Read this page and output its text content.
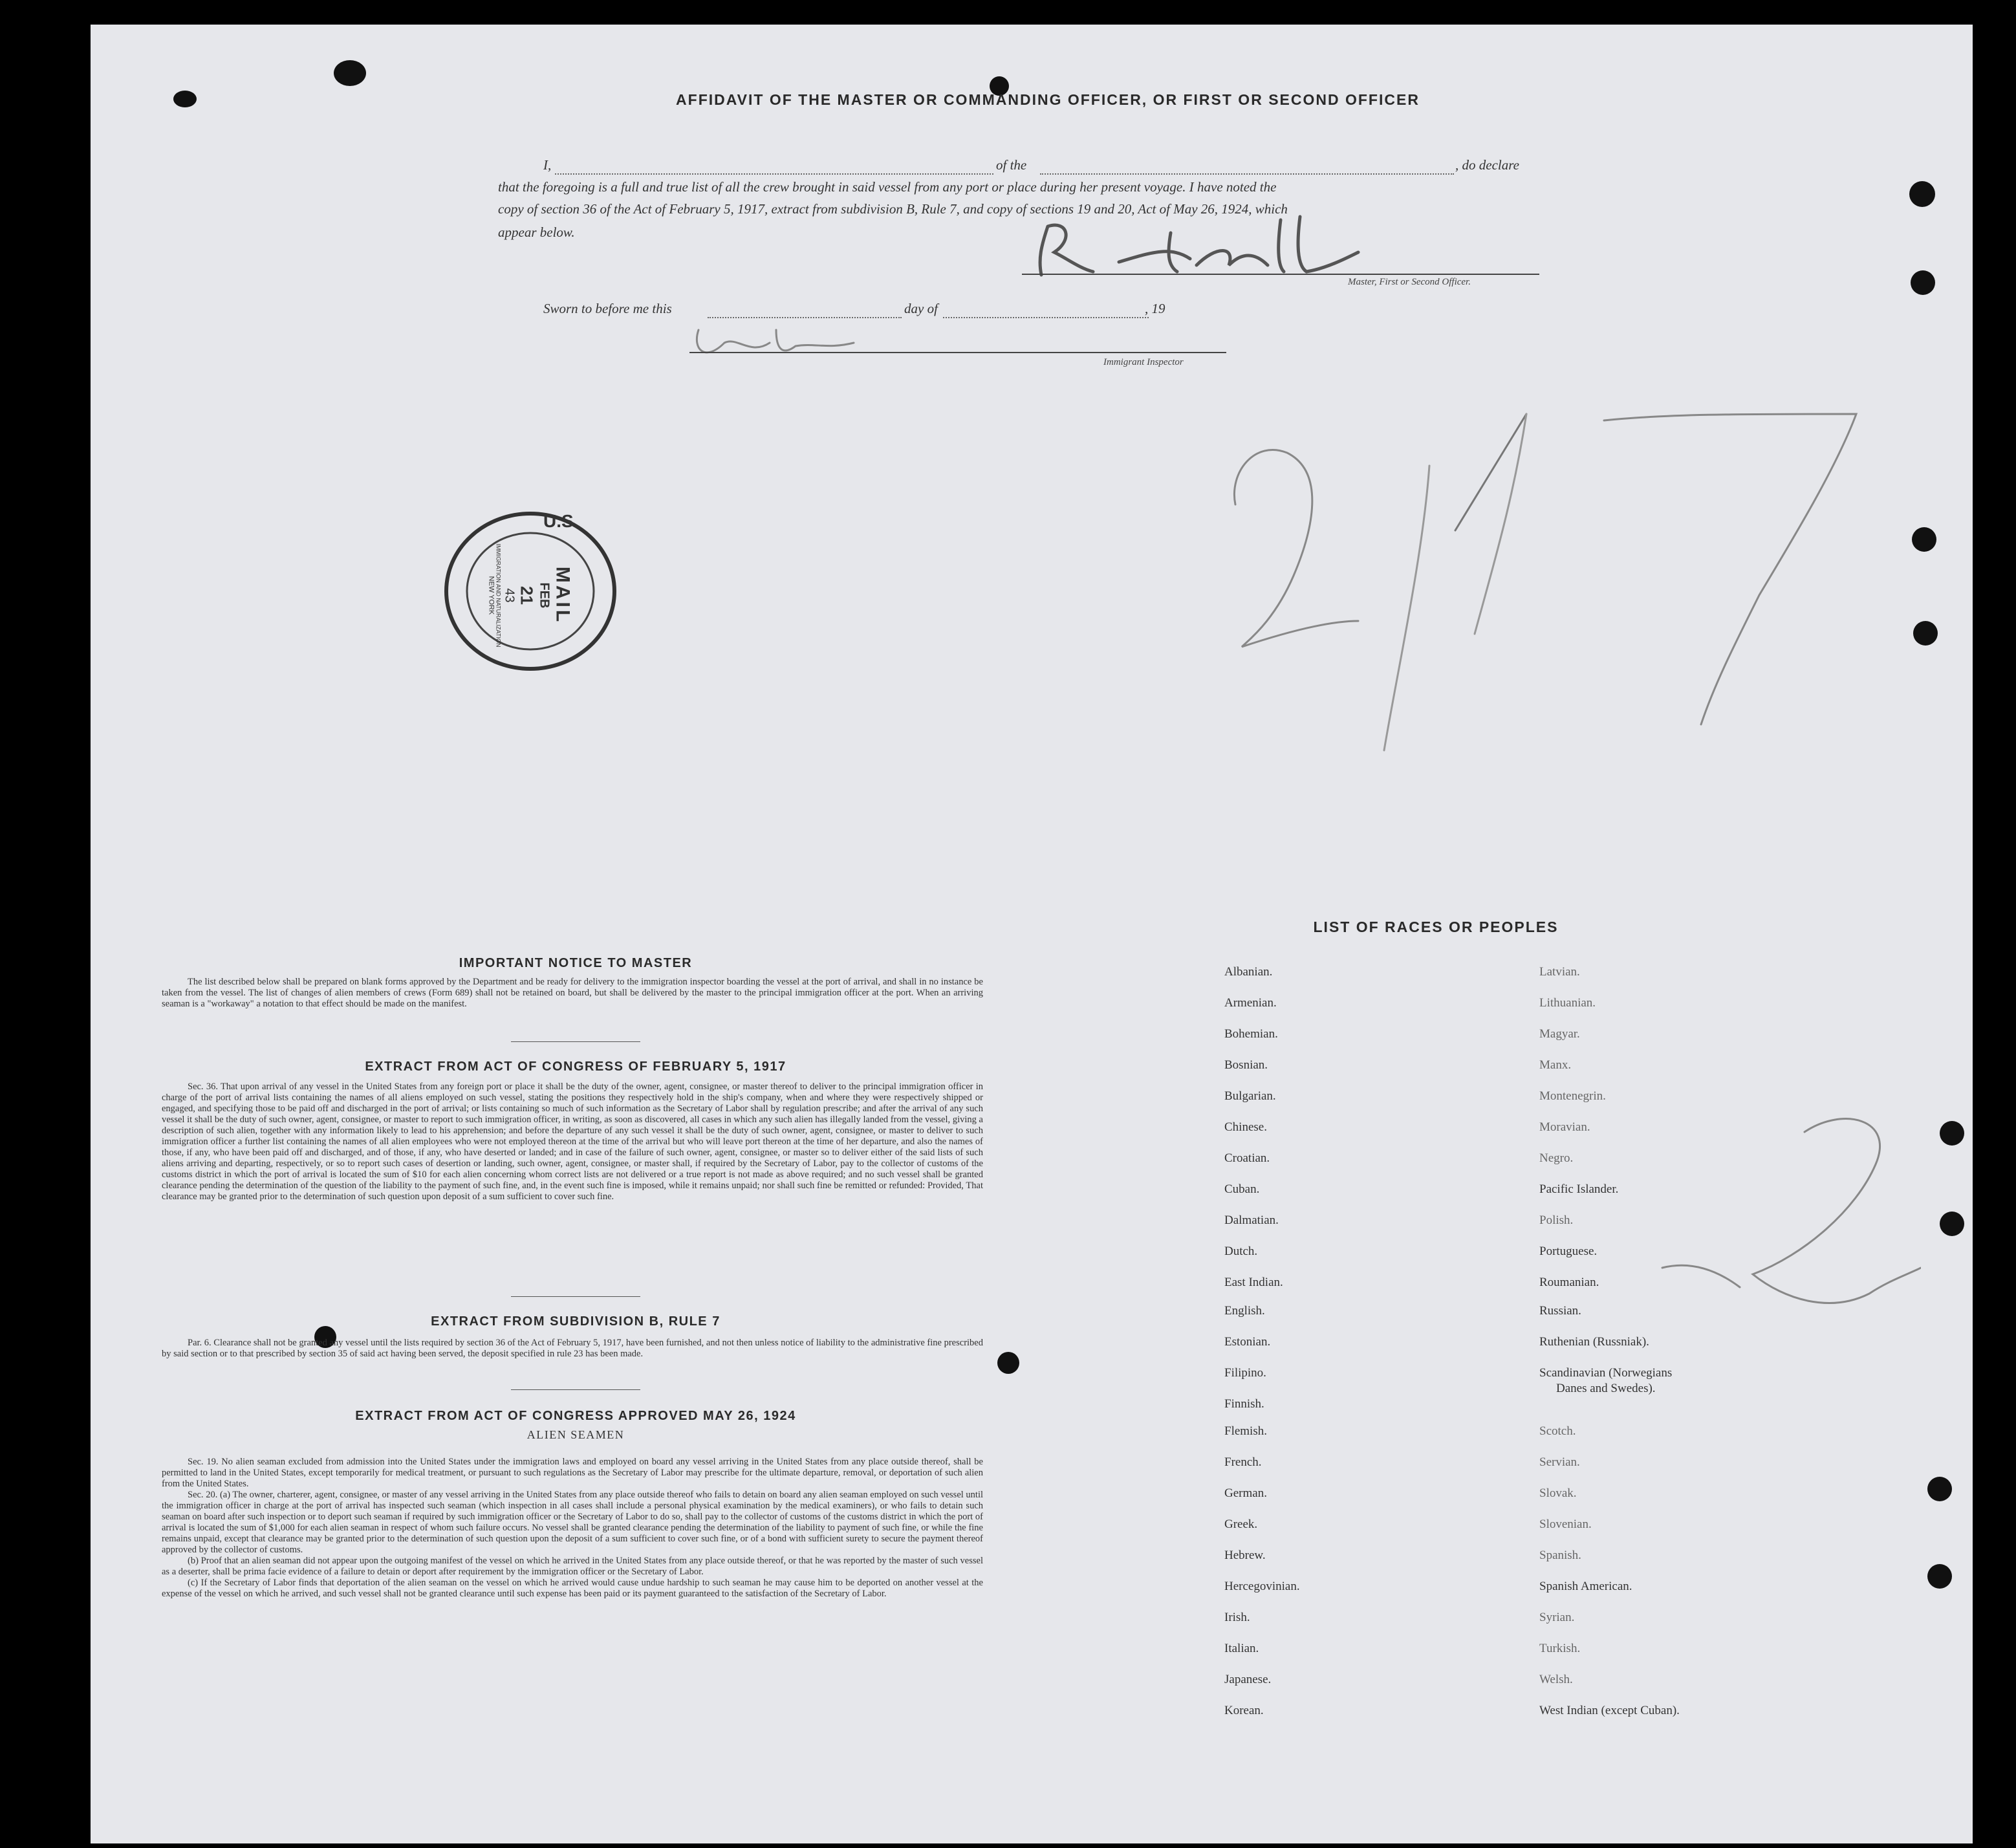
AFFIDAVIT OF THE MASTER OR COMMANDING OFFICER, OR FIRST OR SECOND OFFICER
I,	of the	, do declare
that the foregoing is a full and true list of all the crew brought in said vessel from any port or place during her present voyage. I have noted the
copy of section 36 of the Act of February 5, 1917, extract from subdivision B, Rule 7, and copy of sections 19 and 20, Act of May 26, 1924, which
appear below.
Master, First or Second Officer.
Sworn to before me this	day of	, 19
Immigrant Inspector
U.S.
MAIL
FEB
21
43
IMMIGRATION AND NATURALIZATION
NEW YORK
IMPORTANT NOTICE TO MASTER

The list described below shall be prepared on blank forms approved by the Department and be ready for delivery to the immigration inspector boarding the vessel at the port of arrival, and shall in no instance be taken from the vessel. The list of changes of alien members of crews (Form 689) shall not be retained on board, but shall be delivered by the master to the principal immigration officer at the port. When an arriving seaman is a "workaway" a notation to that effect should be made on the manifest.

EXTRACT FROM ACT OF CONGRESS OF FEBRUARY 5, 1917

Sec. 36. That upon arrival of any vessel in the United States from any foreign port or place it shall be the duty of the owner, agent, consignee, or master thereof to deliver to the principal immigration officer in charge of the port of arrival lists containing the names of all aliens employed on such vessel, stating the positions they respectively hold in the ship's company, when and where they were respectively shipped or engaged, and specifying those to be paid off and discharged in the port of arrival; or lists containing so much of such information as the Secretary of Labor shall by regulation prescribe; and after the arrival of any such vessel it shall be the duty of such owner, agent, consignee, or master to report to such immigration officer, in writing, as soon as discovered, all cases in which any such alien has illegally landed from the vessel, giving a description of such alien, together with any information likely to lead to his apprehension; and before the departure of any such vessel it shall be the duty of such owner, agent, consignee, or master to deliver to such immigration officer a further list containing the names of all alien employees who were not employed thereon at the time of the arrival but who will leave port thereon at the time of her departure, and also the names of those, if any, who have been paid off and discharged, and of those, if any, who have deserted or landed; and in case of the failure of such owner, agent, consignee, or master so to deliver either of the said lists of such aliens arriving and departing, respectively, or so to report such cases of desertion or landing, such owner, agent, consignee, or master shall, if required by the Secretary of Labor, pay to the collector of customs of the customs district in which the port of arrival is located the sum of $10 for each alien concerning whom correct lists are not delivered or a true report is not made as above required; and no such vessel shall be granted clearance pending the determination of the question of the liability to the payment of such fine, and, in the event such fine is imposed, while it remains unpaid; nor shall such fine be remitted or refunded: Provided, That clearance may be granted prior to the determination of such question upon deposit of a sum sufficient to cover such fine.

EXTRACT FROM SUBDIVISION B, RULE 7

Par. 6. Clearance shall not be granted any vessel until the lists required by section 36 of the Act of February 5, 1917, have been furnished, and not then unless notice of liability to the administrative fine prescribed by said section or to that prescribed by section 35 of said act having been served, the deposit specified in rule 23 has been made.

EXTRACT FROM ACT OF CONGRESS APPROVED MAY 26, 1924
ALIEN SEAMEN

Sec. 19. No alien seaman excluded from admission into the United States under the immigration laws and employed on board any vessel arriving in the United States from any place outside thereof, shall be permitted to land in the United States, except temporarily for medical treatment, or pursuant to such regulations as the Secretary of Labor may prescribe for the ultimate departure, removal, or deportation of such alien from the United States.

Sec. 20. (a) The owner, charterer, agent, consignee, or master of any vessel arriving in the United States from any place outside thereof who fails to detain on board any alien seaman employed on such vessel until the immigration officer in charge at the port of arrival has inspected such seaman (which inspection in all cases shall include a personal physical examination by the medical examiners), or who fails to detain such seaman on board after such inspection or to deport such seaman if required by such immigration officer or the Secretary of Labor to do so, shall pay to the collector of customs of the customs district in which the port of arrival is located the sum of $1,000 for each alien seaman in respect of whom such failure occurs. No vessel shall be granted clearance pending the determination of the liability to payment of such fine, or while the fine remains unpaid, except that clearance may be granted prior to the determination of such question upon the deposit of a sum sufficient to cover such fine, or of a bond with sufficient surety to secure the payment thereof approved by the collector of customs.

(b) Proof that an alien seaman did not appear upon the outgoing manifest of the vessel on which he arrived in the United States from any place outside thereof, or that he was reported by the master of such vessel as a deserter, shall be prima facie evidence of a failure to detain or deport after requirement by the immigration officer or the Secretary of Labor.

(c) If the Secretary of Labor finds that deportation of the alien seaman on the vessel on which he arrived would cause undue hardship to such seaman he may cause him to be deported on another vessel at the expense of the vessel on which he arrived, and such vessel shall not be granted clearance until such expense has been paid or its payment guaranteed to the satisfaction of the Secretary of Labor.

LIST OF RACES OR PEOPLES
Albanian.
Armenian.
Bohemian.
Bosnian.
Bulgarian.
Chinese.
Croatian.
Cuban.
Dalmatian.
Dutch.
East Indian.
English.
Estonian.
Filipino.
Finnish.
Flemish.
French.
German.
Greek.
Hebrew.
Hercegovinian.
Irish.
Italian.
Japanese.
Korean.
Latvian.
Lithuanian.
Magyar.
Manx.
Montenegrin.
Moravian.
Negro.
Pacific Islander.
Polish.
Portuguese.
Roumanian.
Russian.
Ruthenian (Russniak).
Scandinavian (Norwegians
Danes and Swedes).
Scotch.
Servian.
Slovak.
Slovenian.
Spanish.
Spanish American.
Syrian.
Turkish.
Welsh.
West Indian (except Cuban).
